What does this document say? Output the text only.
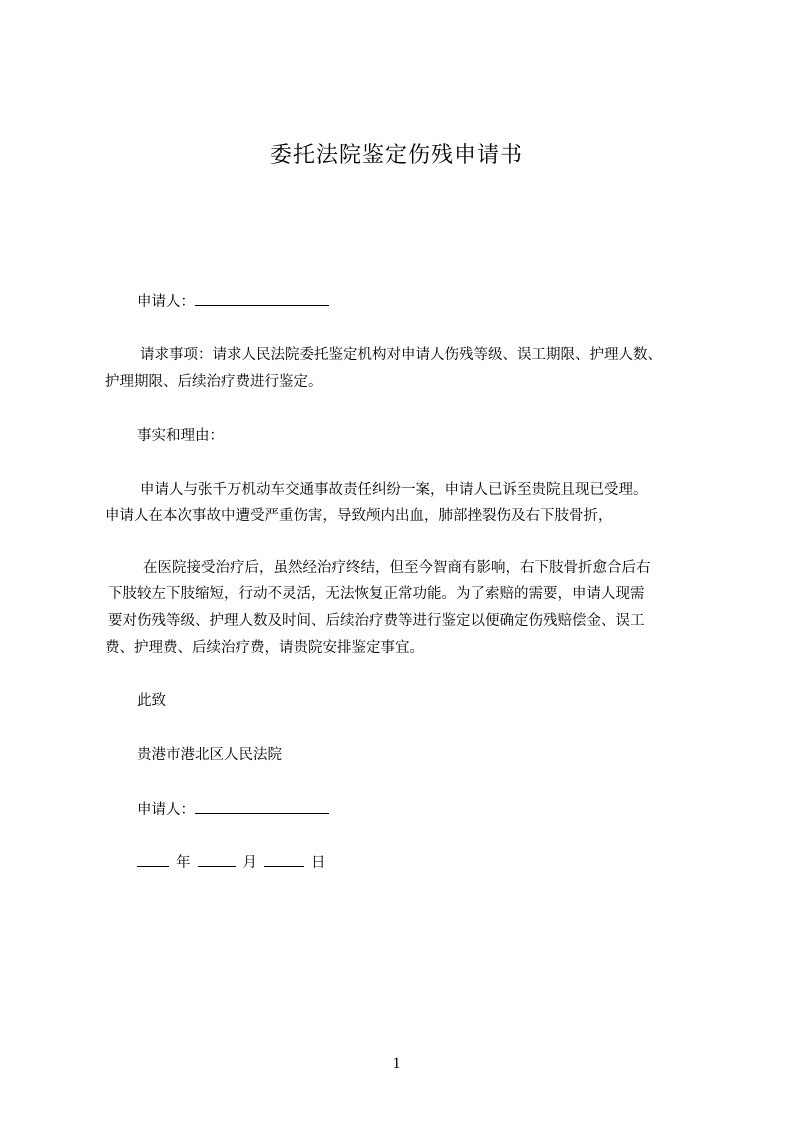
委托法院鉴定伤残申请书
申请人：
请求事项：请求人民法院委托鉴定机构对申请人伤残等级、误工期限、护理人数、
护理期限、后续治疗费进行鉴定。
事实和理由：
申请人与张千万机动车交通事故责任纠纷一案，申请人已诉至贵院且现已受理。
申请人在本次事故中遭受严重伤害，导致颅内出血，肺部挫裂伤及右下肢骨折，
在医院接受治疗后，虽然经治疗终结，但至今智商有影响，右下肢骨折愈合后右
下肢较左下肢缩短，行动不灵活，无法恢复正常功能。为了索赔的需要，申请人现需
要对伤残等级、护理人数及时间、后续治疗费等进行鉴定以便确定伤残赔偿金、误工
费、护理费、后续治疗费，请贵院安排鉴定事宜。
此致
贵港市港北区人民法院
申请人：
年	月	日
1
